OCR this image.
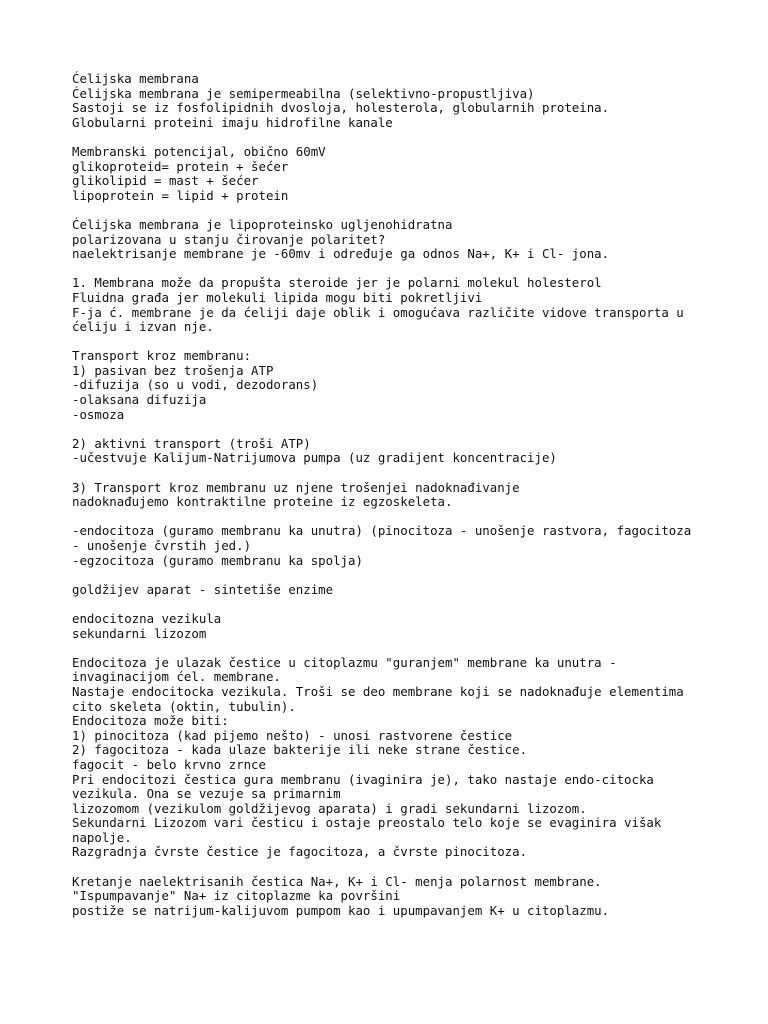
Ćelijska membrana
Ćelijska membrana je semipermeabilna (selektivno-propustljiva)
Sastoji se iz fosfolipidnih dvosloja, holesterola, globularnih proteina.
Globularni proteini imaju hidrofilne kanale
Membranski potencijal, obično 60mV
glikoproteid= protein + šećer
glikolipid = mast + šećer
lipoprotein = lipid + protein
Ćelijska membrana je lipoproteinsko ugljenohidratna
polarizovana u stanju čirovanje polaritet?
naelektrisanje membrane je -60mv i određuje ga odnos Na+, K+ i Cl- jona.
1. Membrana može da propušta steroide jer je polarni molekul holesterol
Fluidna građa jer molekuli lipida mogu biti pokretljivi
F-ja ć. membrane je da ćeliji daje oblik i omogućava različite vidove transporta u
ćeliju i izvan nje.
Transport kroz membranu:
1) pasivan bez trošenja ATP
-difuzija (so u vodi, dezodorans)
-olaksana difuzija
-osmoza
2) aktivni transport (troši ATP)
-učestvuje Kalijum-Natrijumova pumpa (uz gradijent koncentracije)
3) Transport kroz membranu uz njene trošenjei nadoknađivanje
nadoknađujemo kontraktilne proteine iz egzoskeleta.
-endocitoza (guramo membranu ka unutra) (pinocitoza - unošenje rastvora, fagocitoza
- unošenje čvrstih jed.)
-egzocitoza (guramo membranu ka spolja)
goldžijev aparat - sintetiše enzime
endocitozna vezikula
sekundarni lizozom
Endocitoza je ulazak čestice u citoplazmu "guranjem" membrane ka unutra -
invaginacijom ćel. membrane.
Nastaje endocitocka vezikula. Troši se deo membrane koji se nadoknađuje elementima
cito skeleta (oktin, tubulin).
Endocitoza može biti:
1) pinocitoza (kad pijemo nešto) - unosi rastvorene čestice
2) fagocitoza - kada ulaze bakterije ili neke strane čestice.
fagocit - belo krvno zrnce
Pri endocitozi čestica gura membranu (ivaginira je), tako nastaje endo-citocka
vezikula. Ona se vezuje sa primarnim
lizozomom (vezikulom goldžijevog aparata) i gradi sekundarni lizozom.
Sekundarni Lizozom vari česticu i ostaje preostalo telo koje se evaginira višak
napolje.
Razgradnja čvrste čestice je fagocitoza, a čvrste pinocitoza.
Kretanje naelektrisanih čestica Na+, K+ i Cl- menja polarnost membrane.
"Ispumpavanje" Na+ iz citoplazme ka površini
postiže se natrijum-kalijuvom pumpom kao i upumpavanjem K+ u citoplazmu.
